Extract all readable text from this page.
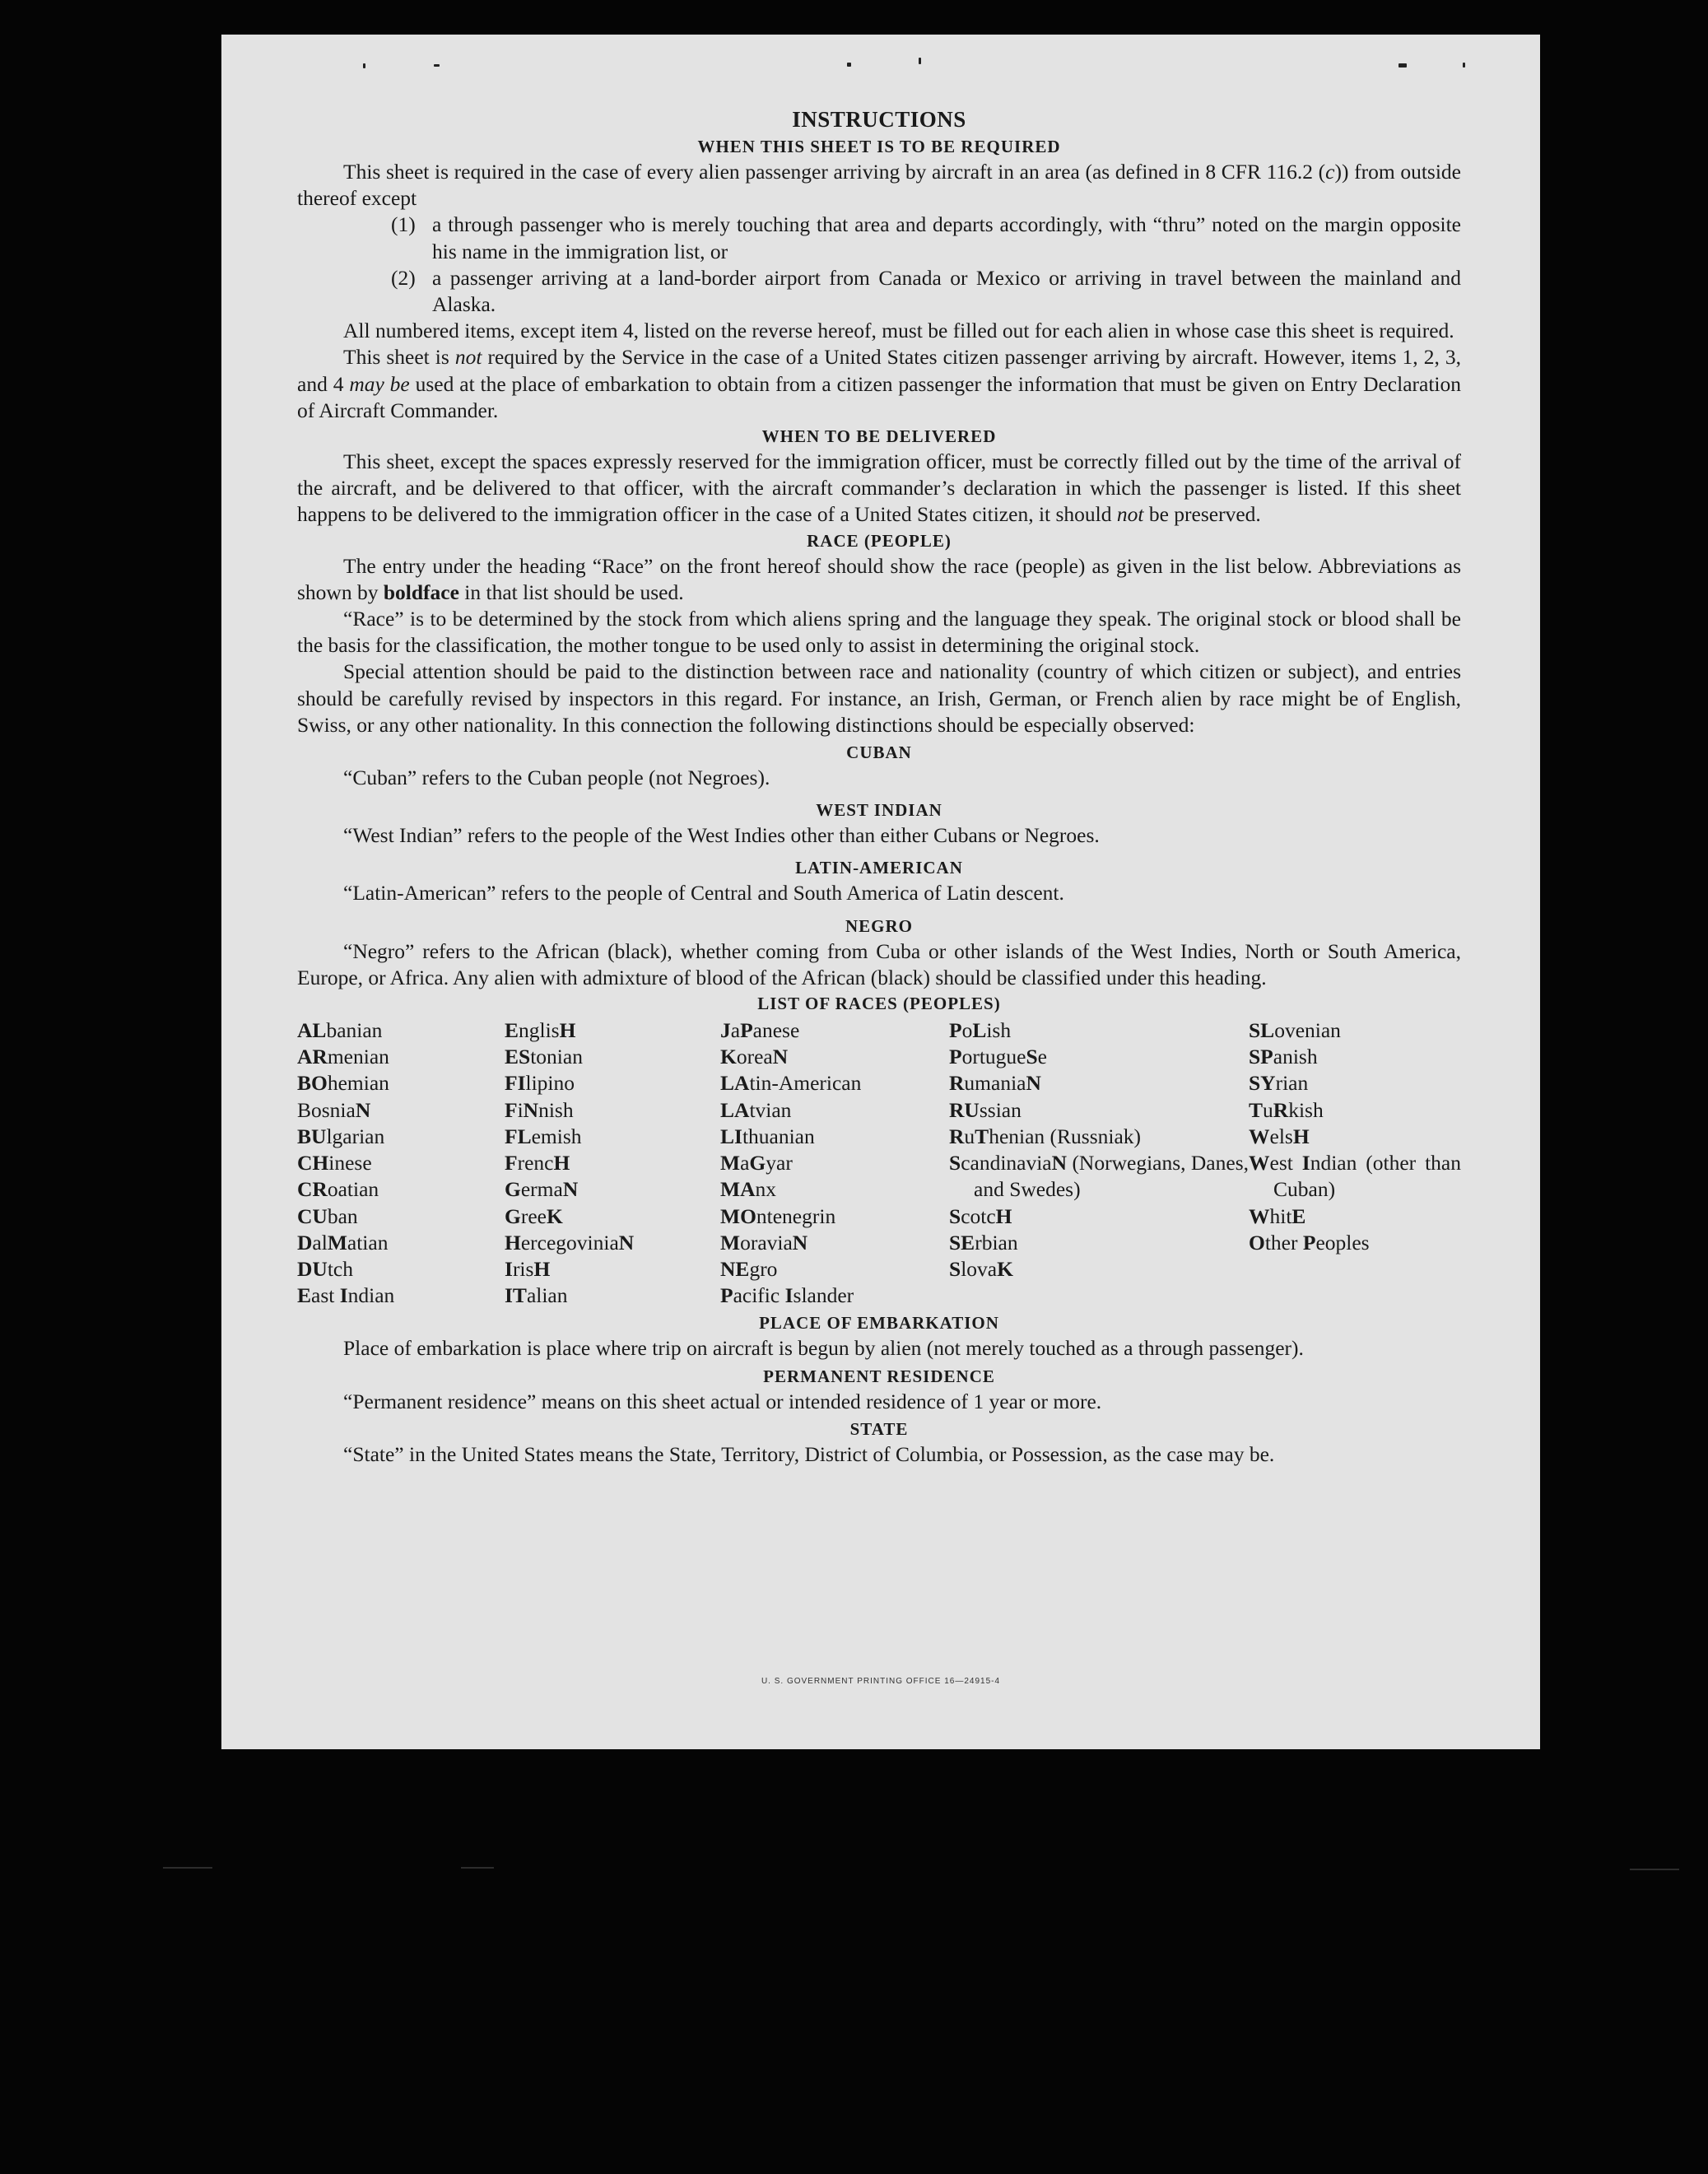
INSTRUCTIONS

WHEN THIS SHEET IS TO BE REQUIRED

This sheet is required in the case of every alien passenger arriving by aircraft in an area (as defined in 8 CFR 116.2 (c)) from outside thereof except

(1) a through passenger who is merely touching that area and departs accordingly, with “thru” noted on the margin opposite his name in the immigration list, or
(2) a passenger arriving at a land-border airport from Canada or Mexico or arriving in travel between the mainland and Alaska.

All numbered items, except item 4, listed on the reverse hereof, must be filled out for each alien in whose case this sheet is required.

This sheet is not required by the Service in the case of a United States citizen passenger arriving by aircraft. However, items 1, 2, 3, and 4 may be used at the place of embarkation to obtain from a citizen passenger the information that must be given on Entry Declaration of Aircraft Commander.

WHEN TO BE DELIVERED

This sheet, except the spaces expressly reserved for the immigration officer, must be correctly filled out by the time of the arrival of the aircraft, and be delivered to that officer, with the aircraft commander’s declaration in which the passenger is listed. If this sheet happens to be delivered to the immigration officer in the case of a United States citizen, it should not be preserved.

RACE (PEOPLE)

The entry under the heading “Race” on the front hereof should show the race (people) as given in the list below. Abbreviations as shown by boldface in that list should be used.

“Race” is to be determined by the stock from which aliens spring and the language they speak. The original stock or blood shall be the basis for the classification, the mother tongue to be used only to assist in determining the original stock.

Special attention should be paid to the distinction between race and nationality (country of which citizen or subject), and entries should be carefully revised by inspectors in this regard. For instance, an Irish, German, or French alien by race might be of English, Swiss, or any other nationality. In this connection the following distinctions should be especially observed:

CUBAN

“Cuban” refers to the Cuban people (not Negroes).

WEST INDIAN

“West Indian” refers to the people of the West Indies other than either Cubans or Negroes.

LATIN-AMERICAN

“Latin-American” refers to the people of Central and South America of Latin descent.

NEGRO

“Negro” refers to the African (black), whether coming from Cuba or other islands of the West Indies, North or South America, Europe, or Africa. Any alien with admixture of blood of the African (black) should be classified under this heading.

LIST OF RACES (PEOPLES)

ALbanian
ARmenian
BOhemian
BosniaN
BUlgarian
CHinese
CRoatian
CUban
DalMatian
DUtch
East Indian
EnglisH
EStonian
FIlipino
FiNnish
FLemish
FrencH
GermaN
GreeK
HercegoviniaN
IrisH
ITalian
JaPanese
KoreaN
LAtin-American
LAtvian
LIthuanian
MaGyar
MAnx
MOntenegrin
MoraviaN
NEgro
Pacific Islander
PoLish
PortugueSe
RumaniaN
RUssian
RuThenian (Russniak)
ScandinaviaN (Norwegians, Danes, and Swedes)
ScotcH
SErbian
SlovaK
SLovenian
SPanish
SYrian
TuRkish
WelsH
West Indian (other than Cuban)
WhitE
Other Peoples

PLACE OF EMBARKATION

Place of embarkation is place where trip on aircraft is begun by alien (not merely touched as a through passenger).

PERMANENT RESIDENCE

“Permanent residence” means on this sheet actual or intended residence of 1 year or more.

STATE

“State” in the United States means the State, Territory, District of Columbia, or Possession, as the case may be.

U. S. GOVERNMENT PRINTING OFFICE 16—24915-4
